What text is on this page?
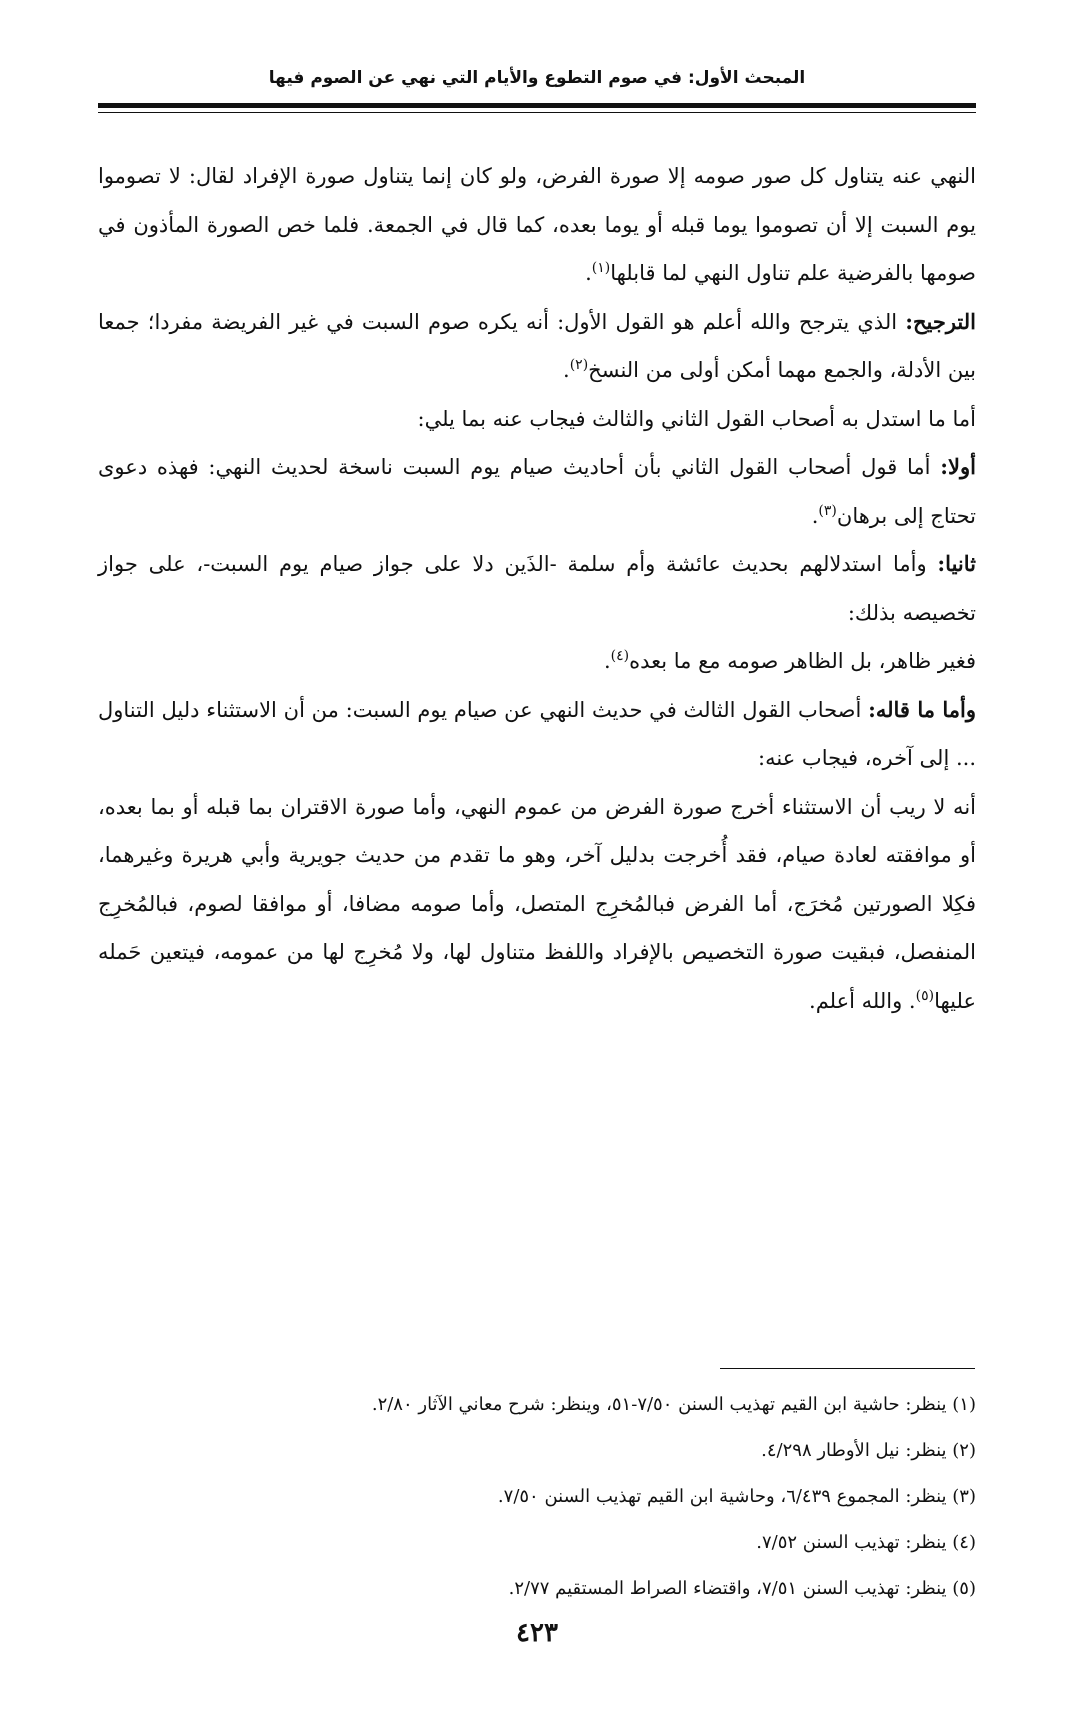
المبحث الأول: في صوم التطوع والأيام التي نهي عن الصوم فيها

النهي عنه يتناول كل صور صومه إلا صورة الفرض، ولو كان إنما يتناول صورة الإفراد لقال: لا تصوموا يوم السبت إلا أن تصوموا يوما قبله أو يوما بعده، كما قال في الجمعة. فلما خص الصورة المأذون في صومها بالفرضية علم تناول النهي لما قابلها$^{(١)}$.

الترجيح: الذي يترجح والله أعلم هو القول الأول: أنه يكره صوم السبت في غير الفريضة مفردا؛ جمعا بين الأدلة، والجمع مهما أمكن أولى من النسخ$^{(٢)}$.

أما ما استدل به أصحاب القول الثاني والثالث فيجاب عنه بما يلي:

أولا: أما قول أصحاب القول الثاني بأن أحاديث صيام يوم السبت ناسخة لحديث النهي: فهذه دعوى تحتاج إلى برهان$^{(٣)}$.

ثانيا: وأما استدلالهم بحديث عائشة وأم سلمة -الذَين دلا على جواز صيام يوم السبت-، على جواز تخصيصه بذلك:

فغير ظاهر، بل الظاهر صومه مع ما بعده$^{(٤)}$.

وأما ما قاله: أصحاب القول الثالث في حديث النهي عن صيام يوم السبت: من أن الاستثناء دليل التناول ... إلى آخره، فيجاب عنه:

أنه لا ريب أن الاستثناء أخرج صورة الفرض من عموم النهي، وأما صورة الاقتران بما قبله أو بما بعده، أو موافقته لعادة صيام، فقد أُخرجت بدليل آخر، وهو ما تقدم من حديث جويرية وأبي هريرة وغيرهما، فكِلا الصورتين مُخرَج، أما الفرض فبالمُخرِج المتصل، وأما صومه مضافا، أو موافقا لصوم، فبالمُخرِج المنفصل، فبقيت صورة التخصيص بالإفراد واللفظ متناول لها، ولا مُخرِج لها من عمومه، فيتعين حَمله عليها$^{(٥)}$. والله أعلم.

(١) ينظر: حاشية ابن القيم تهذيب السنن ٧/٥٠-٥١، وينظر: شرح معاني الآثار ٢/٨٠.

(٢) ينظر: نيل الأوطار ٤/٢٩٨.

(٣) ينظر: المجموع ٦/٤٣٩، وحاشية ابن القيم تهذيب السنن ٧/٥٠.

(٤) ينظر: تهذيب السنن ٧/٥٢.

(٥) ينظر: تهذيب السنن ٧/٥١، واقتضاء الصراط المستقيم ٢/٧٧.

٤٢٣
